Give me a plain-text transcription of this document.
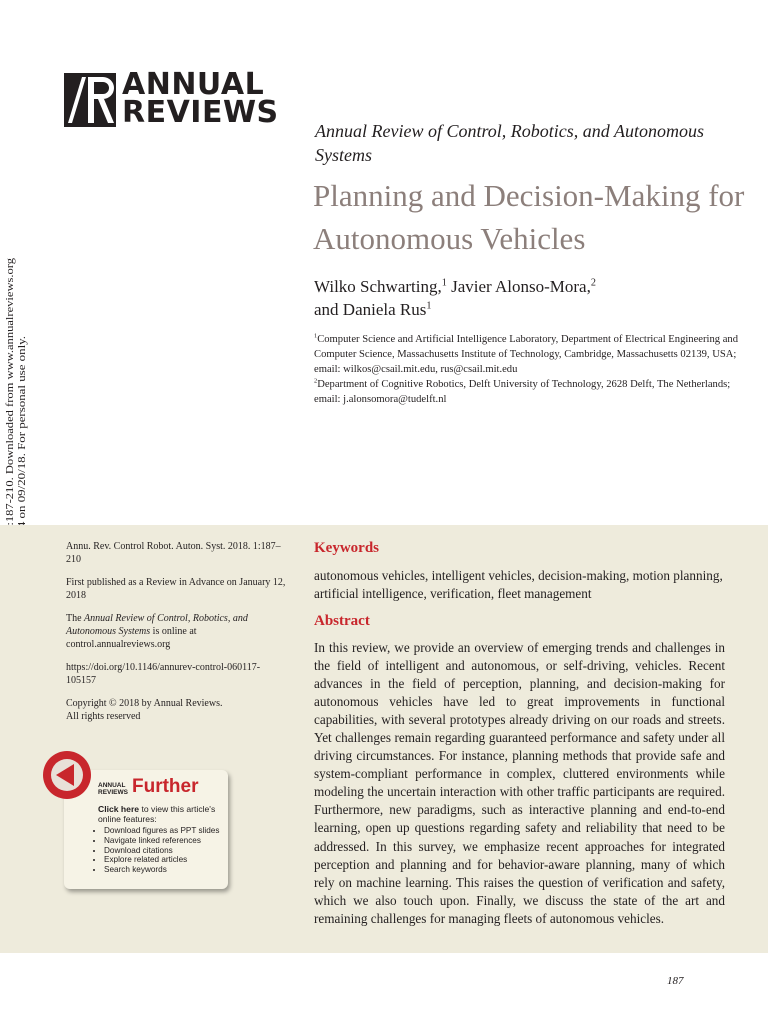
ANNUAL
REVIEWS
Annual Review of Control, Robotics, and Autonomous Systems
Planning and Decision-Making for Autonomous Vehicles
Wilko Schwarting,$^1$ Javier Alonso-Mora,$^2$
and Daniela Rus$^1$
$^1$Computer Science and Artificial Intelligence Laboratory, Department of Electrical Engineering and Computer Science, Massachusetts Institute of Technology, Cambridge, Massachusetts 02139, USA; email: wilkos@csail.mit.edu, rus@csail.mit.edu
$^2$Department of Cognitive Robotics, Delft University of Technology, 2628 Delft, The Netherlands; email: j.alonsomora@tudelft.nl

Annu. Rev. Control Robot. Auton. Syst. 2018. 1:187–210

First published as a Review in Advance on January 12, 2018

The Annual Review of Control, Robotics, and Autonomous Systems is online at control.annualreviews.org

https://doi.org/10.1146/annurev-control-060117-105157

Copyright © 2018 by Annual Reviews.
All rights reserved

ANNUAL
REVIEWS Further
Click here to view this article's online features:
• Download figures as PPT slides
• Navigate linked references
• Download citations
• Explore related articles
• Search keywords
Keywords
autonomous vehicles, intelligent vehicles, decision-making, motion planning, artificial intelligence, verification, fleet management
Abstract

In this review, we provide an overview of emerging trends and challenges in the field of intelligent and autonomous, or self-driving, vehicles. Recent advances in the field of perception, planning, and decision-making for autonomous vehicles have led to great improvements in functional capabilities, with several prototypes already driving on our roads and streets. Yet challenges remain regarding guaranteed performance and safety under all driving circumstances. For instance, planning methods that provide safe and system-compliant performance in complex, cluttered environments while modeling the uncertain interaction with other traffic participants are required. Furthermore, new paradigms, such as interactive planning and end-to-end learning, open up questions regarding safety and reliability that need to be addressed. In this survey, we emphasize recent approaches for integrated perception and planning and for behavior-aware planning, many of which rely on machine learning. This raises the question of verification and safety, which we also touch upon. Finally, we discuss the state of the art and remaining challenges for managing fleets of autonomous vehicles.

187
